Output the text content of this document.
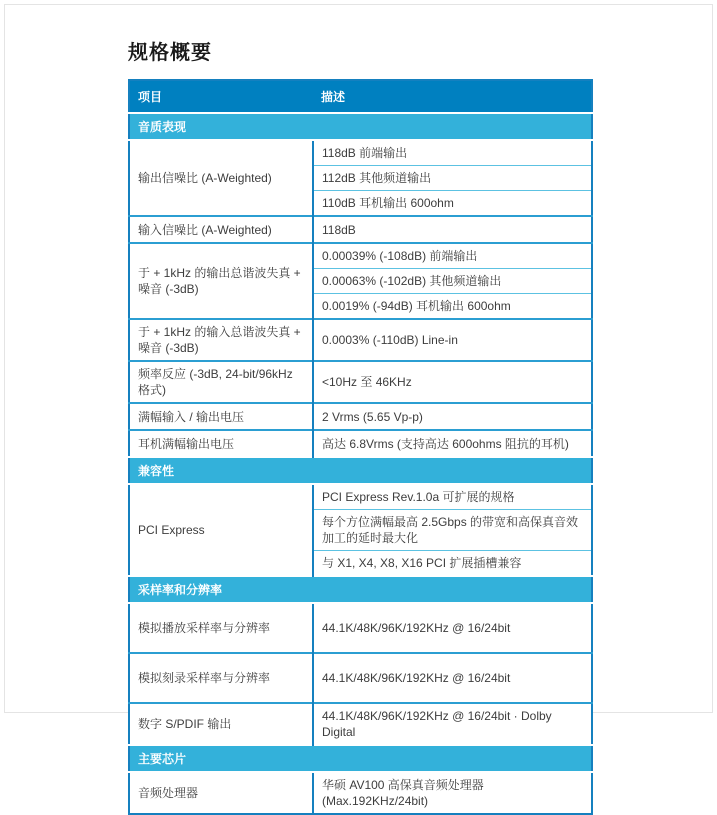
规格概要
项目	描述
音质表现	
输出信噪比 (A-Weighted)	118dB 前端输出
	112dB 其他频道输出
	110dB 耳机输出 600ohm
输入信噪比 (A-Weighted)	118dB
于 + 1kHz 的输出总谐波失真 + 噪音 (-3dB)	0.00039% (-108dB) 前端输出
	0.00063% (-102dB) 其他频道输出
	0.0019% (-94dB) 耳机输出 600ohm
于 + 1kHz 的输入总谐波失真 + 噪音 (-3dB)	0.0003% (-110dB) Line-in
频率反应 (-3dB, 24-bit/96kHz 格式)	<10Hz 至 46KHz
满幅输入 / 输出电压	2 Vrms (5.65 Vp-p)
耳机满幅输出电压	高达 6.8Vrms (支持高达 600ohms 阻抗的耳机)
兼容性	
PCI Express	PCI Express Rev.1.0a 可扩展的规格
	每个方位满幅最高 2.5Gbps 的带宽和高保真音效加工的延时最大化
	与 X1, X4, X8, X16 PCI 扩展插槽兼容
采样率和分辨率	
模拟播放采样率与分辨率	44.1K/48K/96K/192KHz @ 16/24bit
模拟刻录采样率与分辨率	44.1K/48K/96K/192KHz @ 16/24bit
数字 S/PDIF 输出	44.1K/48K/96K/192KHz @ 16/24bit · Dolby Digital
主要芯片	
音频处理器	华硕 AV100 高保真音频处理器 (Max.192KHz/24bit)
